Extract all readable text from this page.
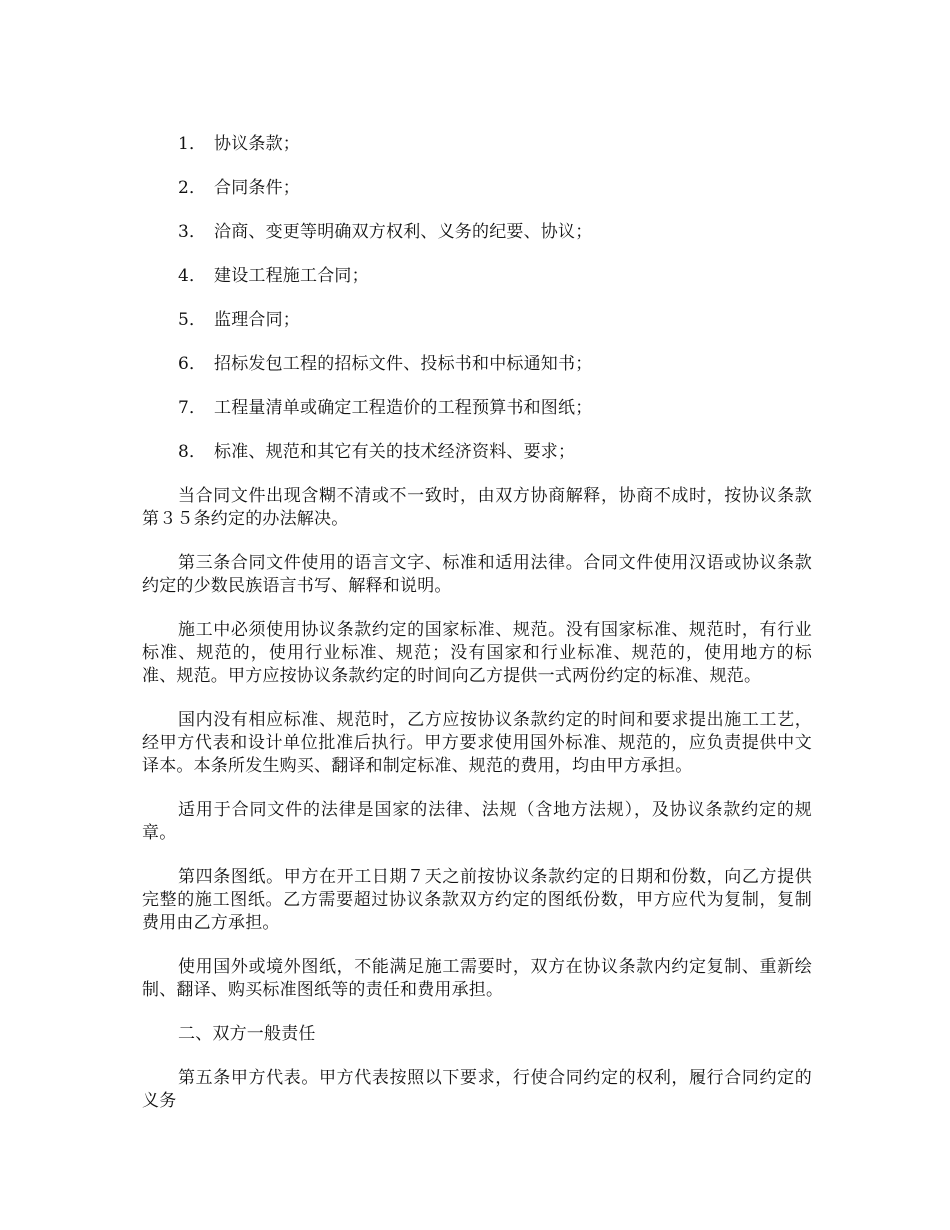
1． 协议条款；
2． 合同条件；
3． 洽商、变更等明确双方权利、义务的纪要、协议；
4． 建设工程施工合同；
5． 监理合同；
6． 招标发包工程的招标文件、投标书和中标通知书；
7． 工程量清单或确定工程造价的工程预算书和图纸；
8． 标准、规范和其它有关的技术经济资料、要求；

当合同文件出现含糊不清或不一致时，由双方协商解释，协商不成时，按协议条款第３５条约定的办法解决。

第三条合同文件使用的语言文字、标准和适用法律。合同文件使用汉语或协议条款约定的少数民族语言书写、解释和说明。

施工中必须使用协议条款约定的国家标准、规范。没有国家标准、规范时，有行业标准、规范的，使用行业标准、规范；没有国家和行业标准、规范的，使用地方的标准、规范。甲方应按协议条款约定的时间向乙方提供一式两份约定的标准、规范。

国内没有相应标准、规范时，乙方应按协议条款约定的时间和要求提出施工工艺，经甲方代表和设计单位批准后执行。甲方要求使用国外标准、规范的，应负责提供中文译本。本条所发生购买、翻译和制定标准、规范的费用，均由甲方承担。

适用于合同文件的法律是国家的法律、法规（含地方法规），及协议条款约定的规章。

第四条图纸。甲方在开工日期７天之前按协议条款约定的日期和份数，向乙方提供完整的施工图纸。乙方需要超过协议条款双方约定的图纸份数，甲方应代为复制，复制费用由乙方承担。

使用国外或境外图纸，不能满足施工需要时，双方在协议条款内约定复制、重新绘制、翻译、购买标准图纸等的责任和费用承担。

二、双方一般责任

第五条甲方代表。甲方代表按照以下要求，行使合同约定的权利，履行合同约定的义务
